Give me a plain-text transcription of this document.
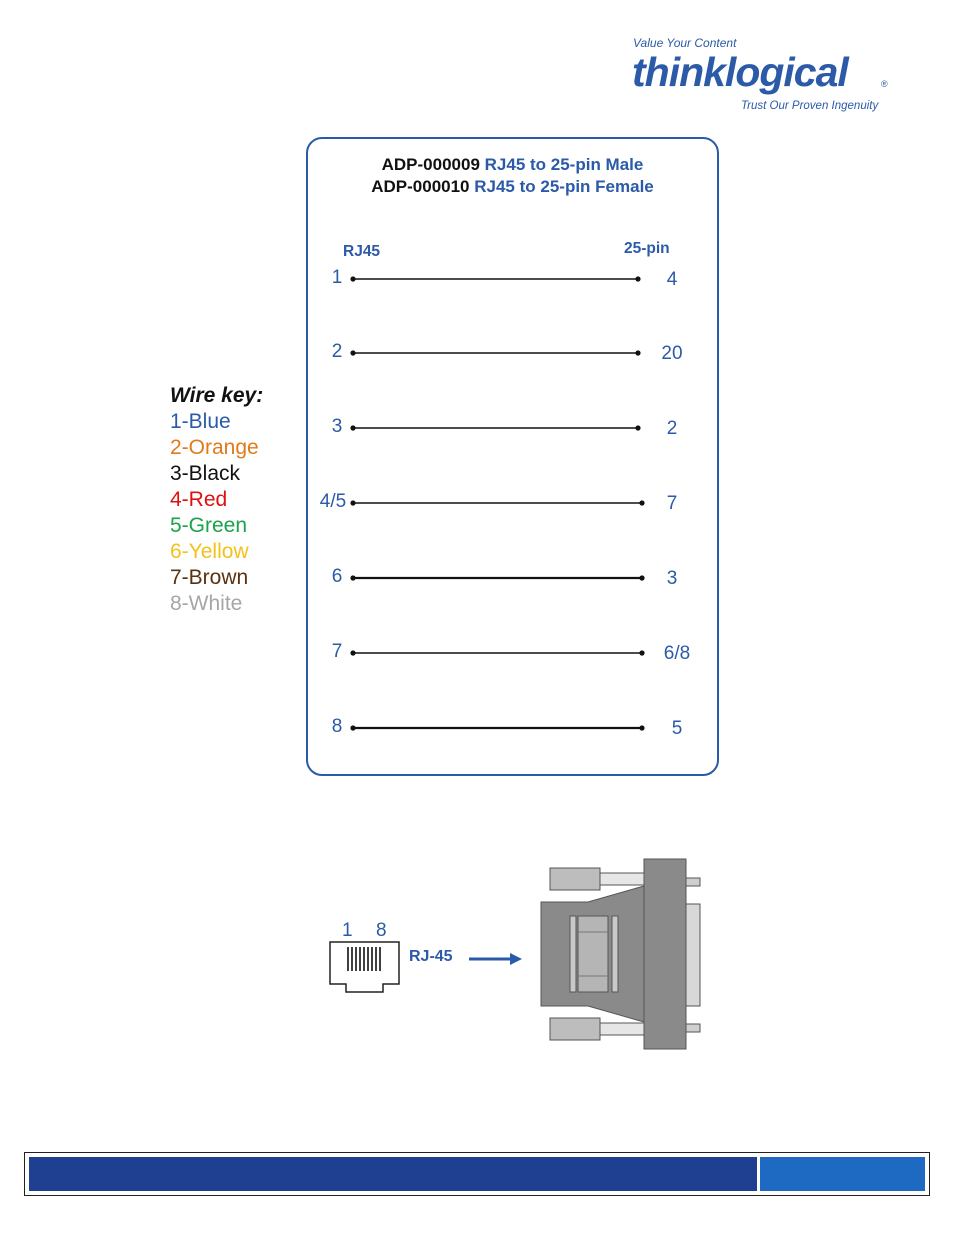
Value Your Content
thinklogical	®
Trust Our Proven Ingenuity
ADP-000009 RJ45 to 25-pin Male
ADP-000010 RJ45 to 25-pin Female
RJ45	25-pin
1	4
2	20
3	2
4/5	7
6	3
7	6/8
8	5
Wire key:
1-Blue
2-Orange
3-Black
4-Red
5-Green
6-Yellow
7-Brown
8-White
1 8
RJ-45
